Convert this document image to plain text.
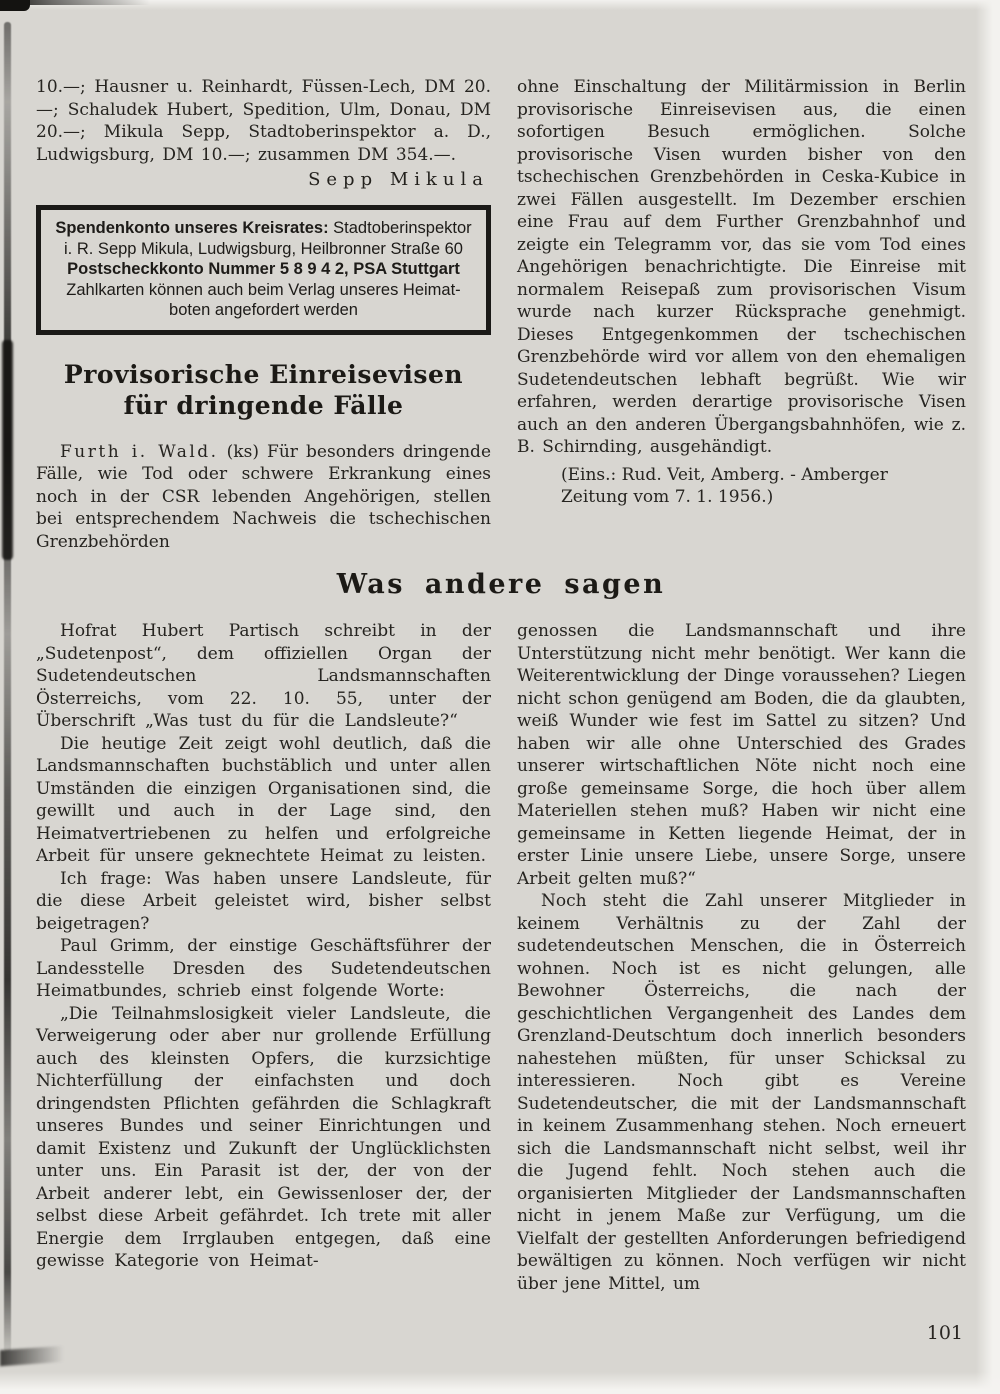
10.—; Hausner u. Reinhardt, Füssen-Lech, DM 20.—; Schaludek Hubert, Spedition, Ulm, Donau, DM 20.—; Mikula Sepp, Stadtoberinspektor a. D., Ludwigsburg, DM 10.—; zusammen DM 354.—.

Sepp Mikula
Spendenkonto unseres Kreisrates: Stadtoberinspektor
i. R. Sepp Mikula, Ludwigsburg, Heilbronner Straße 60
Postscheckkonto Nummer 5 8 9 4 2, PSA Stuttgart
Zahlkarten können auch beim Verlag unseres Heimat-
boten angefordert werden
Provisorische Einreisevisen
für dringende Fälle

Furth i. Wald. (ks) Für besonders dringende Fälle, wie Tod oder schwere Erkrankung eines noch in der CSR lebenden Angehörigen, stellen bei entsprechendem Nachweis die tschechischen Grenzbehörden

ohne Einschaltung der Militärmission in Berlin provisorische Einreisevisen aus, die einen sofortigen Besuch ermöglichen. Solche provisorische Visen wurden bisher von den tschechischen Grenzbehörden in Ceska-Kubice in zwei Fällen ausgestellt. Im Dezember erschien eine Frau auf dem Further Grenzbahnhof und zeigte ein Telegramm vor, das sie vom Tod eines Angehörigen benachrichtigte. Die Einreise mit normalem Reisepaß zum provisorischen Visum wurde nach kurzer Rücksprache genehmigt. Dieses Entgegenkommen der tschechischen Grenzbehörde wird vor allem von den ehemaligen Sudetendeutschen lebhaft begrüßt. Wie wir erfahren, werden derartige provisorische Visen auch an den anderen Übergangsbahnhöfen, wie z. B. Schirnding, ausgehändigt.

(Eins.: Rud. Veit, Amberg. - Amberger Zeitung vom 7. 1. 1956.)

Was andere sagen

Hofrat Hubert Partisch schreibt in der „Sudetenpost“, dem offiziellen Organ der Sudetendeutschen Landsmannschaften Österreichs, vom 22. 10. 55, unter der Überschrift „Was tust du für die Landsleute?“

Die heutige Zeit zeigt wohl deutlich, daß die Landsmannschaften buchstäblich und unter allen Umständen die einzigen Organisationen sind, die gewillt und auch in der Lage sind, den Heimatvertriebenen zu helfen und erfolgreiche Arbeit für unsere geknechtete Heimat zu leisten.

Ich frage: Was haben unsere Landsleute, für die diese Arbeit geleistet wird, bisher selbst beigetragen?

Paul Grimm, der einstige Geschäftsführer der Landesstelle Dresden des Sudetendeutschen Heimatbundes, schrieb einst folgende Worte:

„Die Teilnahmslosigkeit vieler Landsleute, die Verweigerung oder aber nur grollende Erfüllung auch des kleinsten Opfers, die kurzsichtige Nichterfüllung der einfachsten und doch dringendsten Pflichten gefährden die Schlagkraft unseres Bundes und seiner Einrichtungen und damit Existenz und Zukunft der Unglücklichsten unter uns. Ein Parasit ist der, der von der Arbeit anderer lebt, ein Gewissenloser der, der selbst diese Arbeit gefährdet. Ich trete mit aller Energie dem Irrglauben entgegen, daß eine gewisse Kategorie von Heimat-

genossen die Landsmannschaft und ihre Unterstützung nicht mehr benötigt. Wer kann die Weiterentwicklung der Dinge voraussehen? Liegen nicht schon genügend am Boden, die da glaubten, weiß Wunder wie fest im Sattel zu sitzen? Und haben wir alle ohne Unterschied des Grades unserer wirtschaftlichen Nöte nicht noch eine große gemeinsame Sorge, die hoch über allem Materiellen stehen muß? Haben wir nicht eine gemeinsame in Ketten liegende Heimat, der in erster Linie unsere Liebe, unsere Sorge, unsere Arbeit gelten muß?“

Noch steht die Zahl unserer Mitglieder in keinem Verhältnis zu der Zahl der sudetendeutschen Menschen, die in Österreich wohnen. Noch ist es nicht gelungen, alle Bewohner Österreichs, die nach der geschichtlichen Vergangenheit des Landes dem Grenzland-Deutschtum doch innerlich besonders nahestehen müßten, für unser Schicksal zu interessieren. Noch gibt es Vereine Sudetendeutscher, die mit der Landsmannschaft in keinem Zusammenhang stehen. Noch erneuert sich die Landsmannschaft nicht selbst, weil ihr die Jugend fehlt. Noch stehen auch die organisierten Mitglieder der Landsmannschaften nicht in jenem Maße zur Verfügung, um die Vielfalt der gestellten Anforderungen befriedigend bewältigen zu können. Noch verfügen wir nicht über jene Mittel, um

101
